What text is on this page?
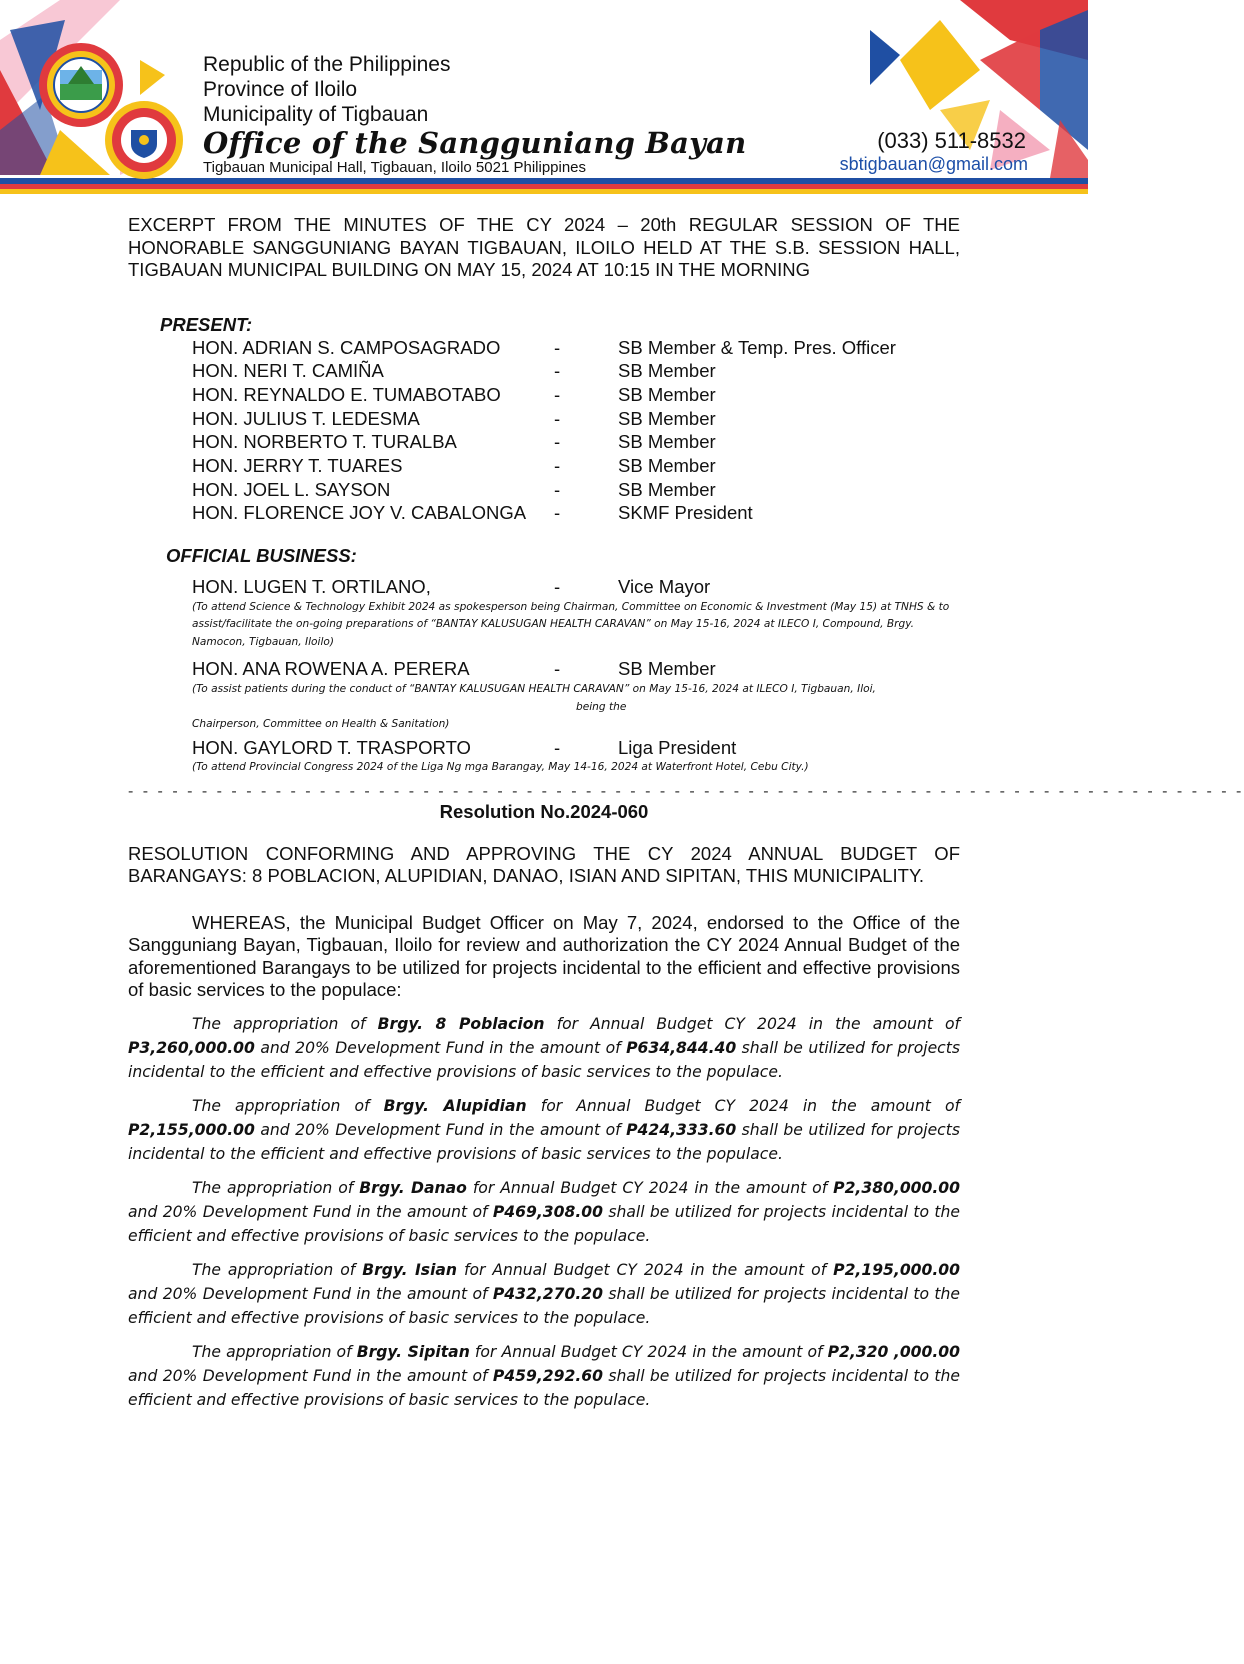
Republic of the Philippines
Province of Iloilo
Municipality of Tigbauan
Office of the Sangguniang Bayan
Tigbauan Municipal Hall, Tigbauan, Iloilo 5021 Philippines
(033) 511-8532
sbtigbauan@gmail.com

EXCERPT FROM THE MINUTES OF THE CY 2024 – 20th REGULAR SESSION OF THE HONORABLE SANGGUNIANG BAYAN TIGBAUAN, ILOILO HELD AT THE S.B. SESSION HALL, TIGBAUAN MUNICIPAL BUILDING ON MAY 15, 2024 AT 10:15 IN THE MORNING

PRESENT:

HON. ADRIAN S. CAMPOSAGRADO	-	SB Member & Temp. Pres. Officer
HON. NERI T. CAMIÑA	-	SB Member
HON. REYNALDO E. TUMABOTABO	-	SB Member
HON. JULIUS T. LEDESMA	-	SB Member
HON. NORBERTO T. TURALBA	-	SB Member
HON. JERRY T. TUARES	-	SB Member
HON. JOEL L. SAYSON	-	SB Member
HON. FLORENCE JOY V. CABALONGA	-	SKMF President

OFFICIAL BUSINESS:

HON. LUGEN T. ORTILANO,	-	Vice Mayor
(To attend Science & Technology Exhibit 2024 as spokesperson being Chairman, Committee on Economic & Investment (May 15) at TNHS & to assist/facilitate the on-going preparations of “BANTAY KALUSUGAN HEALTH CARAVAN” on May 15-16, 2024 at ILECO I, Compound, Brgy. Namocon, Tigbauan, Iloilo)
HON. ANA ROWENA A. PERERA	-	SB Member
(To assist patients during the conduct of “BANTAY KALUSUGAN HEALTH CARAVAN” on May 15-16, 2024 at ILECO I, Tigbauan, Iloi,
being the
Chairperson, Committee on Health & Sanitation)
HON. GAYLORD T. TRASPORTO	-	Liga President
(To attend Provincial Congress 2024 of the Liga Ng mga Barangay, May 14-16, 2024 at Waterfront Hotel, Cebu City.)
- - - - - - - - - - - - - - - - - - - - - - - - - - - - - - - - - - - - - - - - - - - - - - - - - - - - - - - - - - - - - - - - - - - - - - - - - - - -

Resolution No.2024-060

RESOLUTION CONFORMING AND APPROVING THE CY 2024 ANNUAL BUDGET OF BARANGAYS: 8 POBLACION, ALUPIDIAN, DANAO, ISIAN AND SIPITAN, THIS MUNICIPALITY.

WHEREAS, the Municipal Budget Officer on May 7, 2024, endorsed to the Office of the Sangguniang Bayan, Tigbauan, Iloilo for review and authorization the CY 2024 Annual Budget of the aforementioned Barangays to be utilized for projects incidental to the efficient and effective provisions of basic services to the populace:

The appropriation of Brgy. 8 Poblacion for Annual Budget CY 2024 in the amount of P3,260,000.00 and 20% Development Fund in the amount of P634,844.40 shall be utilized for projects incidental to the efficient and effective provisions of basic services to the populace.

The appropriation of Brgy. Alupidian for Annual Budget CY 2024 in the amount of P2,155,000.00 and 20% Development Fund in the amount of P424,333.60 shall be utilized for projects incidental to the efficient and effective provisions of basic services to the populace.

The appropriation of Brgy. Danao for Annual Budget CY 2024 in the amount of P2,380,000.00 and 20% Development Fund in the amount of P469,308.00 shall be utilized for projects incidental to the efficient and effective provisions of basic services to the populace.

The appropriation of Brgy. Isian for Annual Budget CY 2024 in the amount of P2,195,000.00 and 20% Development Fund in the amount of P432,270.20 shall be utilized for projects incidental to the efficient and effective provisions of basic services to the populace.

The appropriation of Brgy. Sipitan for Annual Budget CY 2024 in the amount of P2,320 ,000.00 and 20% Development Fund in the amount of P459,292.60 shall be utilized for projects incidental to the efficient and effective provisions of basic services to the populace.
